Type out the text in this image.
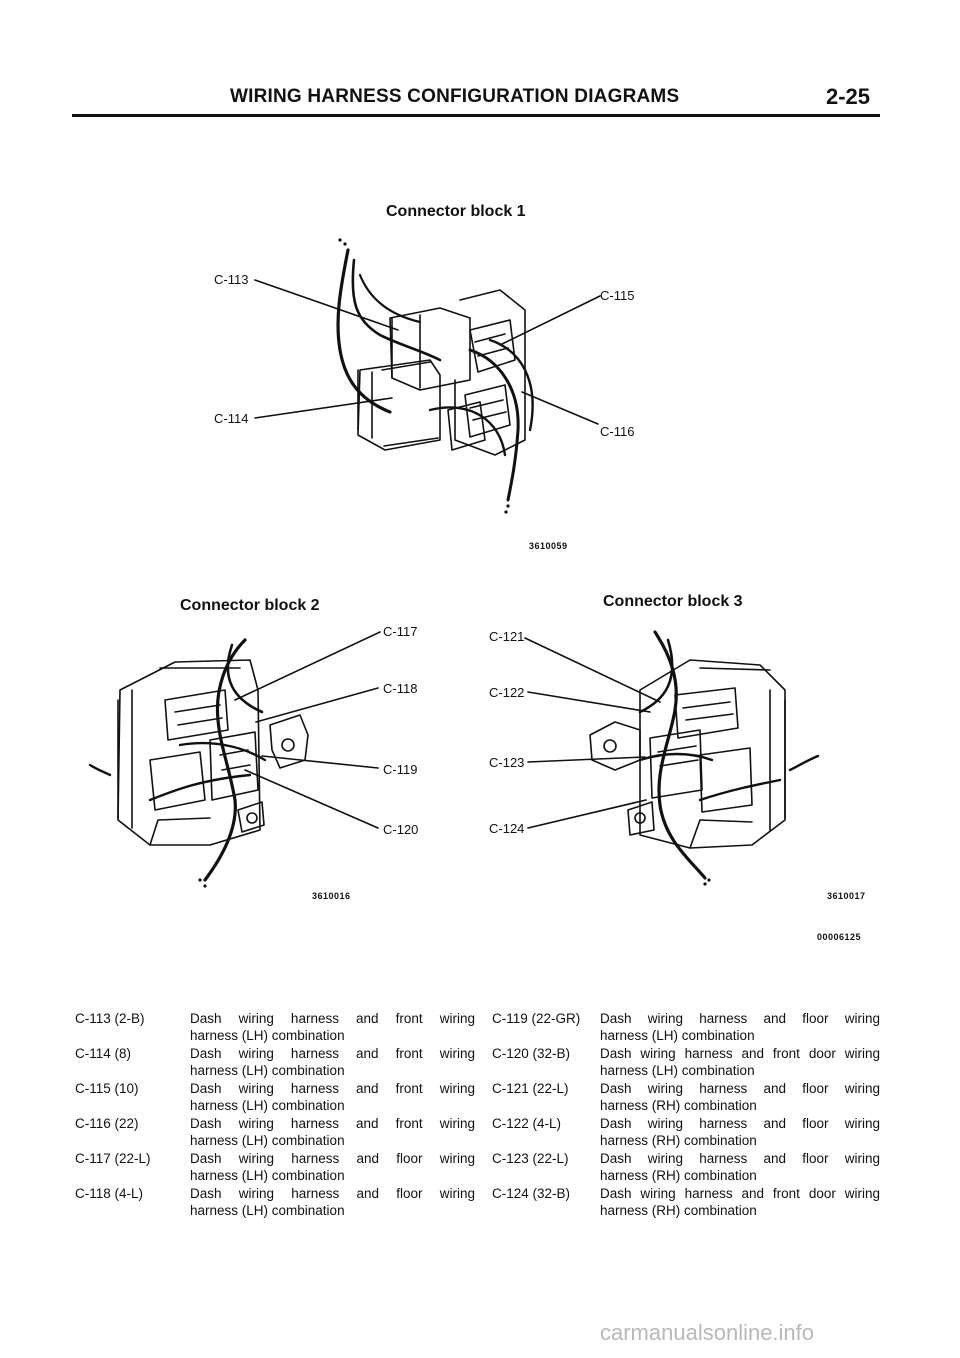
WIRING HARNESS CONFIGURATION DIAGRAMS	2-25
Connector block 1
C-113
C-114
C-115
C-116
3610059
Connector block 2
C-117
C-118
C-119
C-120
3610016
Connector block 3
C-121
C-122
C-123
C-124
3610017
00006125
C-113 (2-B)	Dash wiring harness and front wiring
harness (LH) combination
C-114 (8)	Dash wiring harness and front wiring
harness (LH) combination
C-115 (10)	Dash wiring harness and front wiring
harness (LH) combination
C-116 (22)	Dash wiring harness and front wiring
harness (LH) combination
C-117 (22-L)	Dash wiring harness and floor wiring
harness (LH) combination
C-118 (4-L)	Dash wiring harness and floor wiring
harness (LH) combination
C-119 (22-GR) Dash wiring harness and floor wiring
harness (LH) combination
C-120 (32-B) Dash wiring harness and front door wiring
harness (LH) combination
C-121 (22-L) Dash wiring harness and floor wiring
harness (RH) combination
C-122 (4-L)	Dash wiring harness and floor wiring
harness (RH) combination
C-123 (22-L) Dash wiring harness and floor wiring
harness (RH) combination
C-124 (32-B) Dash wiring harness and front door wiring
harness (RH) combination
carmanualsonline.info
